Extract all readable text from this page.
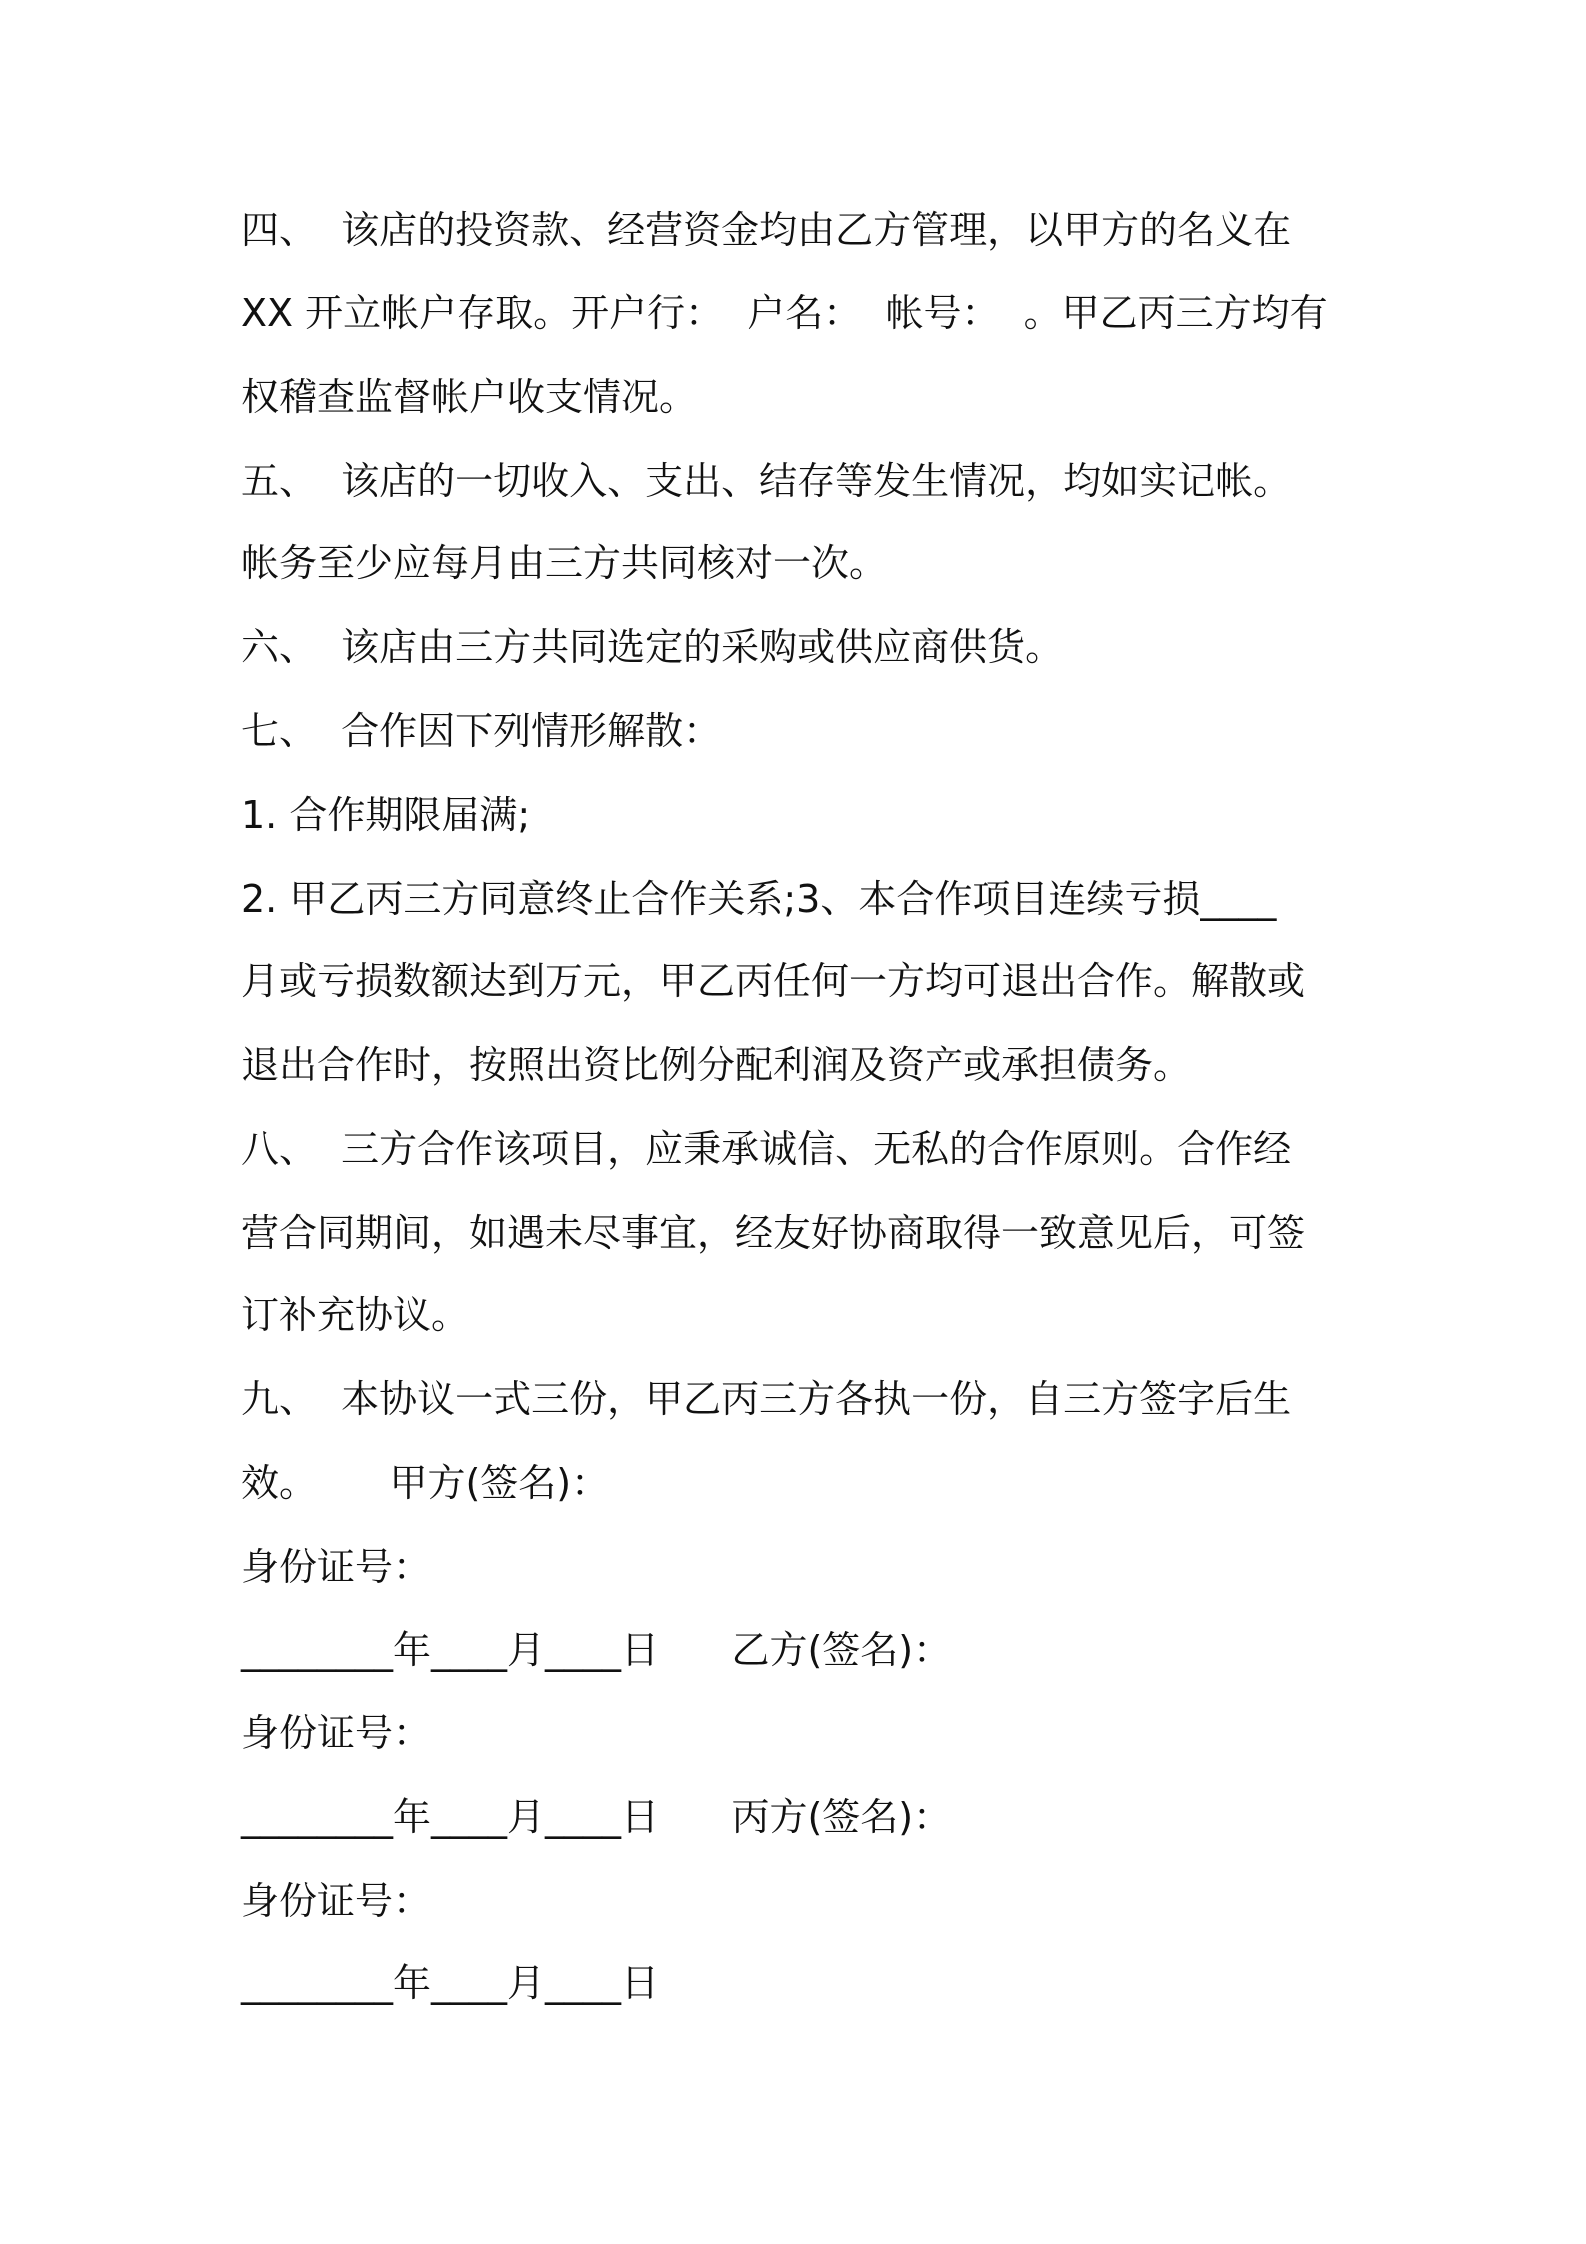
四、  该店的投资款、经营资金均由乙方管理，以甲方的名义在
XX 开立帐户存取。开户行：  户名：  帐号：  。甲乙丙三方均有
权稽查监督帐户收支情况。
五、  该店的一切收入、支出、结存等发生情况，均如实记帐。
帐务至少应每月由三方共同核对一次。
六、  该店由三方共同选定的采购或供应商供货。
七、  合作因下列情形解散：
1. 合作期限届满;
2. 甲乙丙三方同意终止合作关系;3、本合作项目连续亏损____
月或亏损数额达到万元，甲乙丙任何一方均可退出合作。解散或
退出合作时，按照出资比例分配利润及资产或承担债务。
八、  三方合作该项目，应秉承诚信、无私的合作原则。合作经
营合同期间，如遇未尽事宜，经友好协商取得一致意见后，可签
订补充协议。
九、  本协议一式三份，甲乙丙三方各执一份，自三方签字后生
效。      甲方(签名)：
身份证号：
________年____月____日      乙方(签名)：
身份证号：
________年____月____日      丙方(签名)：
身份证号：
________年____月____日
